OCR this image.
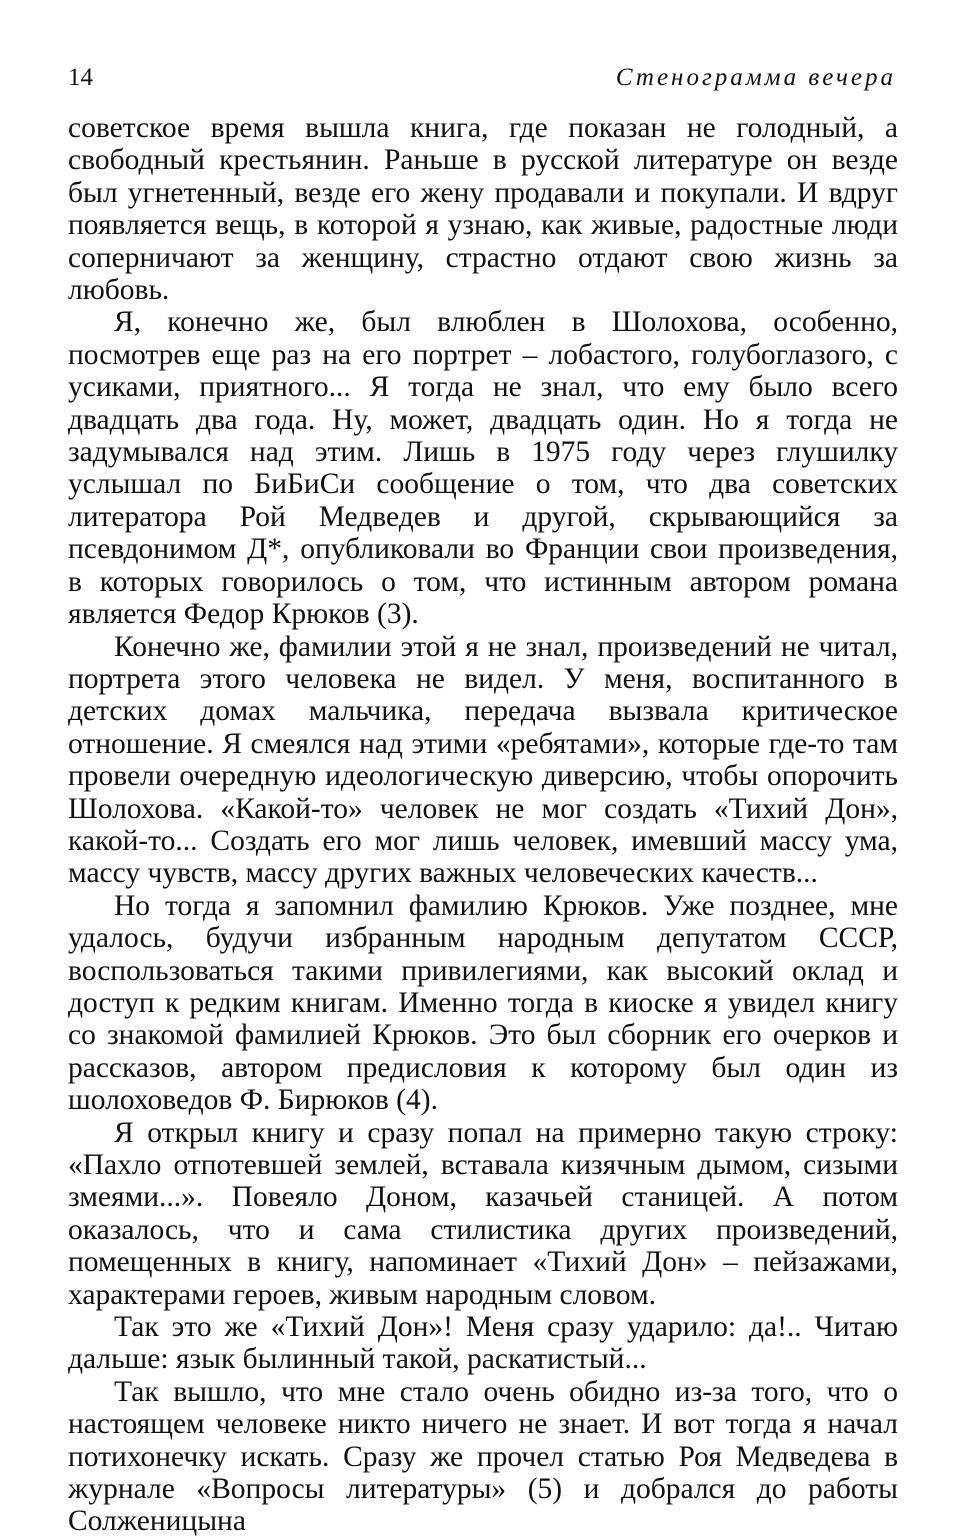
14	Стенограмма вечера

советское время вышла книга, где показан не голодный, а свободный крестьянин. Раньше в русской литературе он везде был угнетенный, везде его жену продавали и покупали. И вдруг появляется вещь, в которой я узнаю, как живые, радостные люди соперничают за женщину, страстно отдают свою жизнь за любовь.

Я, конечно же, был влюблен в Шолохова, особенно, посмотрев еще раз на его портрет – лобастого, голубоглазого, с усиками, приятного... Я тогда не знал, что ему было всего двадцать два года. Ну, может, двадцать один. Но я тогда не задумывался над этим. Лишь в 1975 году через глушилку услышал по БиБиСи сообщение о том, что два советских литератора Рой Медведев и другой, скрывающийся за псевдонимом Д*, опубликовали во Франции свои произведения, в которых говорилось о том, что истинным автором романа является Федор Крюков (3).

Конечно же, фамилии этой я не знал, произведений не читал, портрета этого человека не видел. У меня, воспитанного в детских домах мальчика, передача вызвала критическое отношение. Я смеялся над этими «ребятами», которые где-то там провели очередную идеологическую диверсию, чтобы опорочить Шолохова. «Какой-то» человек не мог создать «Тихий Дон», какой-то... Создать его мог лишь человек, имевший массу ума, массу чувств, массу других важных человеческих качеств...

Но тогда я запомнил фамилию Крюков. Уже позднее, мне удалось, будучи избранным народным депутатом СССР, воспользоваться такими привилегиями, как высокий оклад и доступ к редким книгам. Именно тогда в киоске я увидел книгу со знакомой фамилией Крюков. Это был сборник его очерков и рассказов, автором предисловия к которому был один из шолоховедов Ф. Бирюков (4).

Я открыл книгу и сразу попал на примерно такую строку: «Пахло отпотевшей землей, вставала кизячным дымом, сизыми змеями...». Повеяло Доном, казачьей станицей. А потом оказалось, что и сама стилистика других произведений, помещенных в книгу, напоминает «Тихий Дон» – пейзажами, характерами героев, живым народным словом.

Так это же «Тихий Дон»! Меня сразу ударило: да!.. Читаю дальше: язык былинный такой, раскатистый...

Так вышло, что мне стало очень обидно из-за того, что о настоящем человеке никто ничего не знает. И вот тогда я начал потихонечку искать. Сразу же прочел статью Роя Медведева в журнале «Вопросы литературы» (5) и добрался до работы Солженицына
